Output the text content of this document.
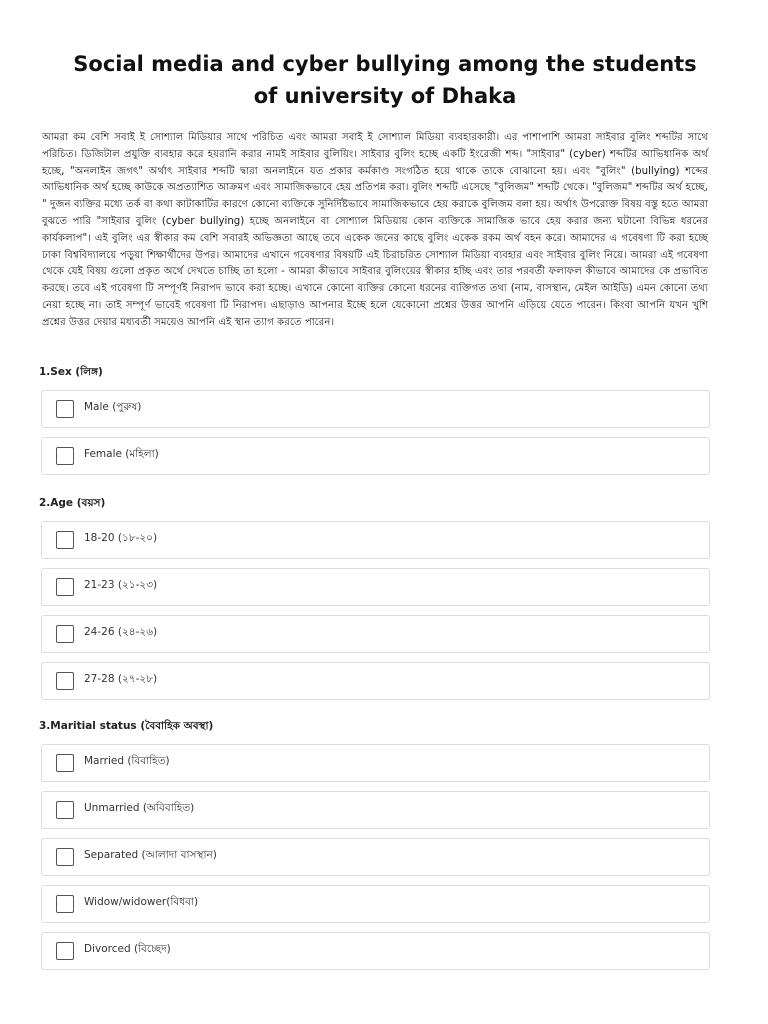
Social media and cyber bullying among the students of university of Dhaka

আমরা কম বেশি সবাই ই সোশ্যাল মিডিয়ার সাথে পরিচিত এবং আমরা সবাই ই সোশ্যাল মিডিয়া ব্যবহারকারী। এর পাশাপাশি আমরা সাইবার বুলিং শব্দটির সাথে পরিচিত। ডিজিটাল প্রযুক্তি ব্যবহার করে হয়রানি করার নামই সাইবার বুলিয়িং। সাইবার বুলিং হচ্ছে একটি ইংরেজী শব্দ। "সাইবার" (cyber) শব্দটির আভিধানিক অর্থ হচ্ছে, "অনলাইন জগৎ" অর্থাৎ সাইবার শব্দটি দ্বারা অনলাইনে যত প্রকার কর্মকাণ্ড সংগঠিত হয়ে থাকে তাকে বোঝানো হয়। এবং "বুলিং" (bullying) শব্দের আভিধানিক অর্থ হচ্ছে কাউকে অপ্রত্যাশিত আক্রমণ এবং সামাজিকভাবে হেয় প্রতিপন্ন করা। বুলিং শব্দটি এসেছে "বুলিজম" শব্দটি থেকে। "বুলিজম" শব্দটির অর্থ হচ্ছে, " দুজন ব্যক্তির মধ্যে তর্ক বা কথা কাটাকাটির কারণে কোনো ব্যক্তিকে সুনির্দিষ্টভাবে সামাজিকভাবে হেয় করাকে বুলিজম বলা হয়। অর্থাৎ উপরোক্ত বিষয় বস্তু হতে আমরা বুঝতে পারি "সাইবার বুলিং (cyber bullying) হচ্ছে অনলাইনে বা সোশ্যাল মিডিয়ায় কোন ব্যক্তিকে সামাজিক ভাবে হেয় করার জন্য ঘটানো বিভিন্ন ধরনের কার্যকলাপ"। এই বুলিং এর স্বীকার কম বেশি সবারই অভিজ্ঞতা আছে তবে একেক জনের কাছে বুলিং একেক রকম অর্থ বহন করে। আমাদের এ গবেষণা টি করা হচ্ছে ঢাকা বিশ্ববিদ্যালয়ে পড়ুয়া শিক্ষার্থীদের উপর। আমাদের এখানে গবেষণার বিষয়টি এই চিরাচরিত সোশ্যাল মিডিয়া ব্যবহার এবং সাইবার বুলিং নিয়ে। আমরা এই গবেষণা থেকে যেই বিষয় গুলো প্রকৃত অর্থে দেখতে চাচ্ছি তা হলো - আমরা কীভাবে সাইবার বুলিংয়ের স্বীকার হচ্ছি এবং তার পরবর্তী ফলাফল কীভাবে আমাদের কে প্রভাবিত করছে। তবে এই গবেষণা টি সম্পূর্ণই নিরাপদ ভাবে করা হচ্ছে। এখানে কোনো ব্যক্তির কোনো ধরনের ব্যক্তিগত তথ্য (নাম, বাসস্থান, মেইল আইডি) এমন কোনো তথ্য নেয়া হচ্ছে না। তাই সম্পূর্ণ ভাবেই গবেষণা টি নিরাপদ। এছাড়াও আপনার ইচ্ছে হলে যেকোনো প্রশ্নের উত্তর আপনি এড়িয়ে যেতে পারেন। কিংবা আপনি যখন খুশি প্রশ্নের উত্তর দেয়ার মধ্যবর্তী সময়েও আপনি এই স্থান ত্যাগ করতে পারেন।

1.Sex (লিঙ্গ)
Male (পুরুষ)
Female (মহিলা)
2.Age (বয়স)
18-20 (১৮-২০)
21-23 (২১-২৩)
24-26 (২৪-২৬)
27-28 (২৭-২৮)
3.Maritial status (বৈবাহিক অবস্থা)
Married (বিবাহিত)
Unmarried (অবিবাহিত)
Separated (আলাদা বাসস্থান)
Widow/widower(বিধবা)
Divorced (বিচ্ছেদ)
